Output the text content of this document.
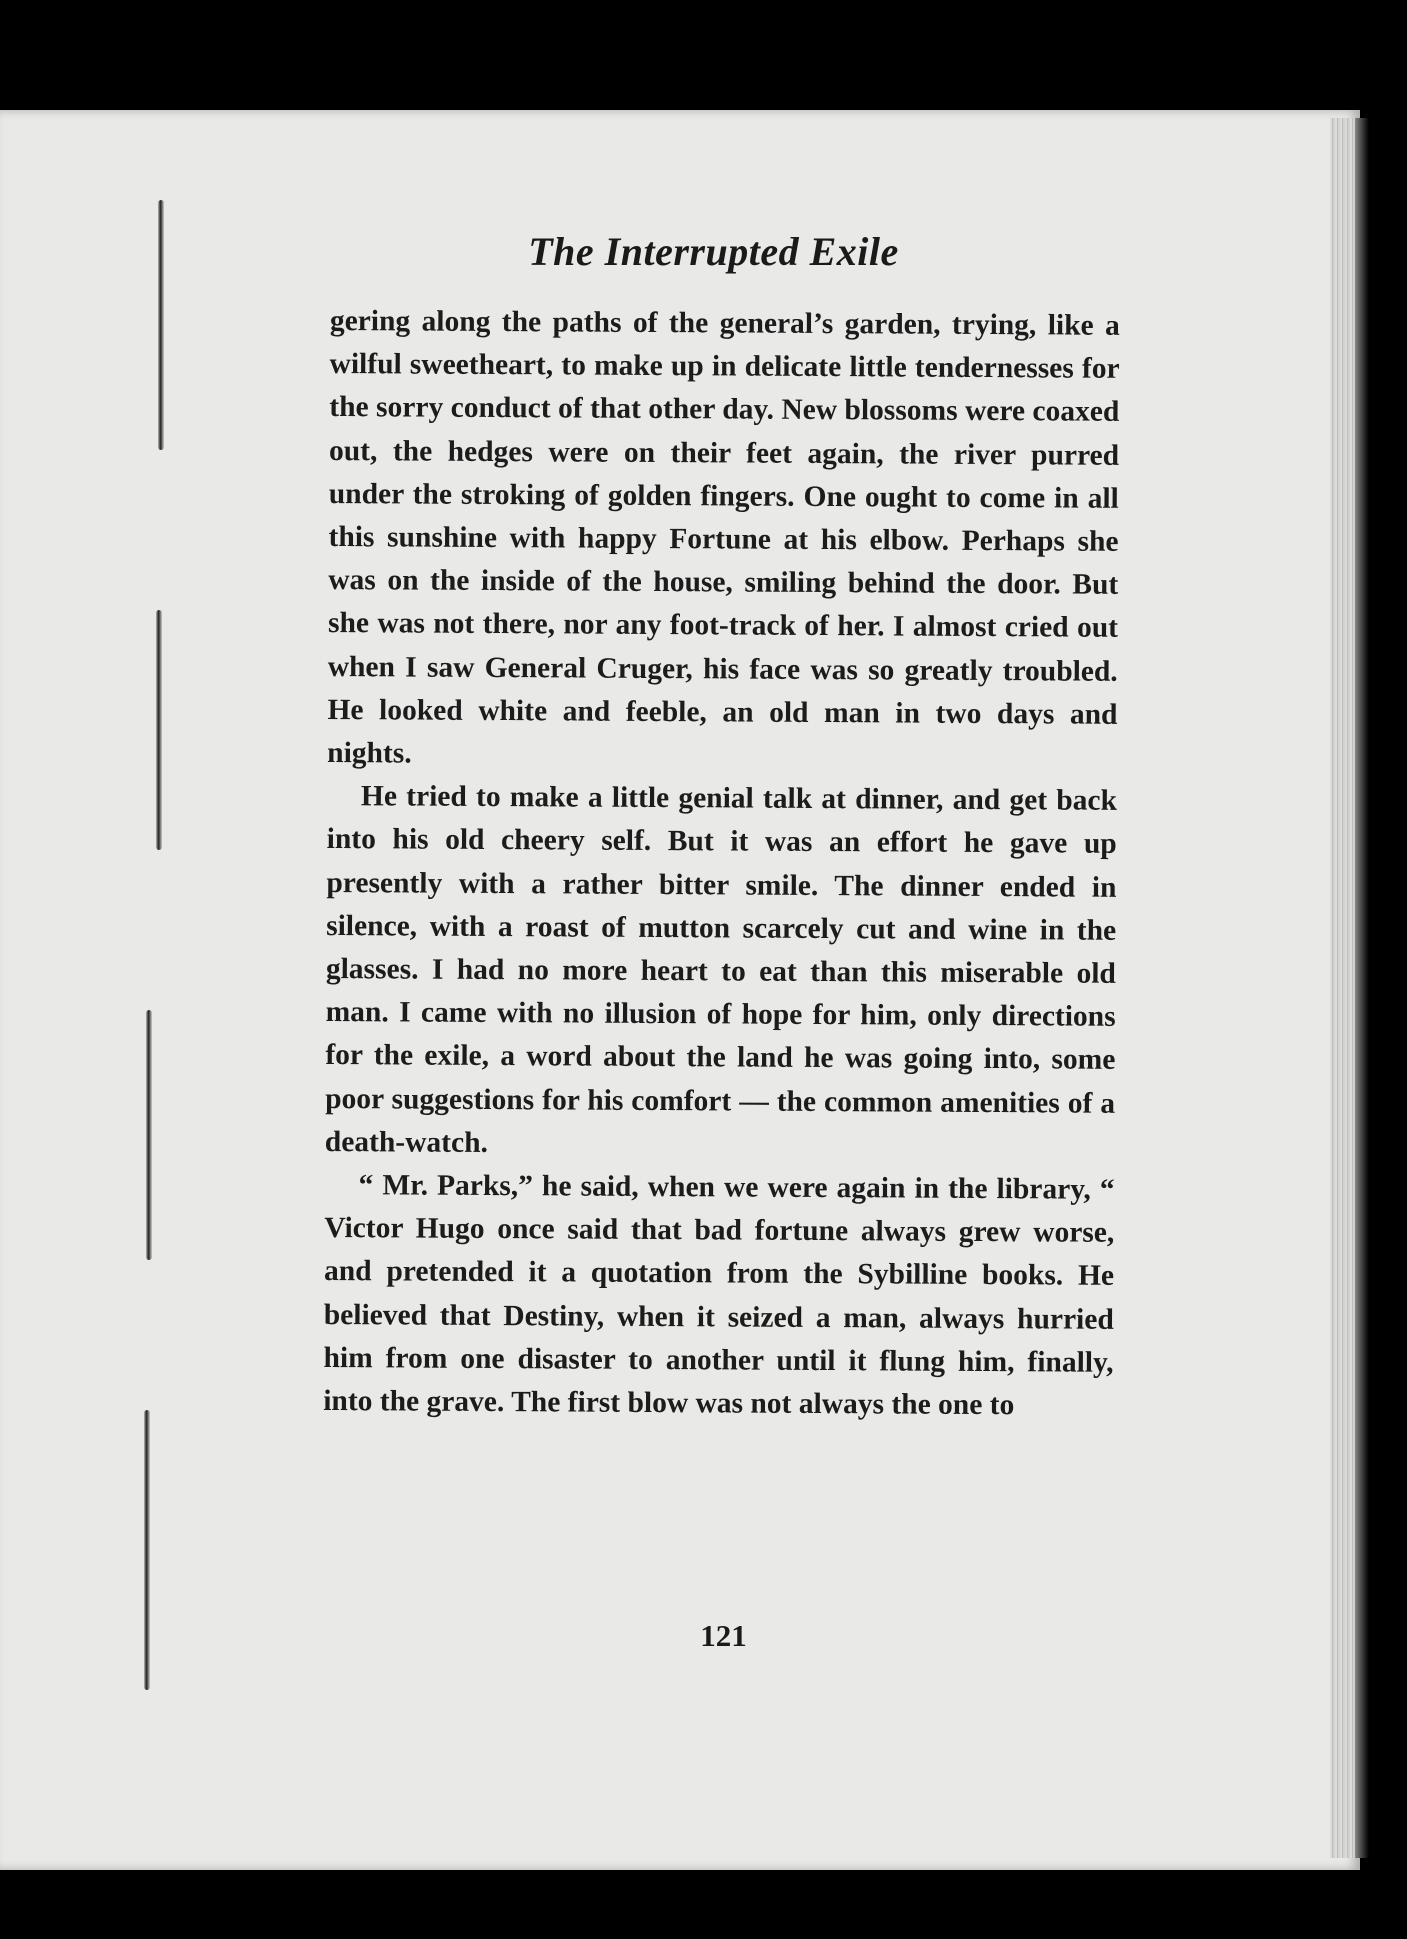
The Interrupted Exile

gering along the paths of the general’s garden, trying, like a wilful sweetheart, to make up in delicate little tendernesses for the sorry conduct of that other day. New blossoms were coaxed out, the hedges were on their feet again, the river purred under the stroking of golden fingers. One ought to come in all this sunshine with happy Fortune at his elbow. Perhaps she was on the inside of the house, smiling behind the door. But she was not there, nor any foot-track of her. I almost cried out when I saw General Cruger, his face was so greatly troubled. He looked white and feeble, an old man in two days and nights.

He tried to make a little genial talk at dinner, and get back into his old cheery self. But it was an effort he gave up presently with a rather bitter smile. The dinner ended in silence, with a roast of mutton scarcely cut and wine in the glasses. I had no more heart to eat than this miserable old man. I came with no illusion of hope for him, only directions for the exile, a word about the land he was going into, some poor suggestions for his comfort — the common amenities of a death-watch.

“ Mr. Parks,” he said, when we were again in the library, “ Victor Hugo once said that bad fortune always grew worse, and pretended it a quotation from the Sybilline books. He believed that Destiny, when it seized a man, always hurried him from one disaster to another until it flung him, finally, into the grave. The first blow was not always the one to

121
